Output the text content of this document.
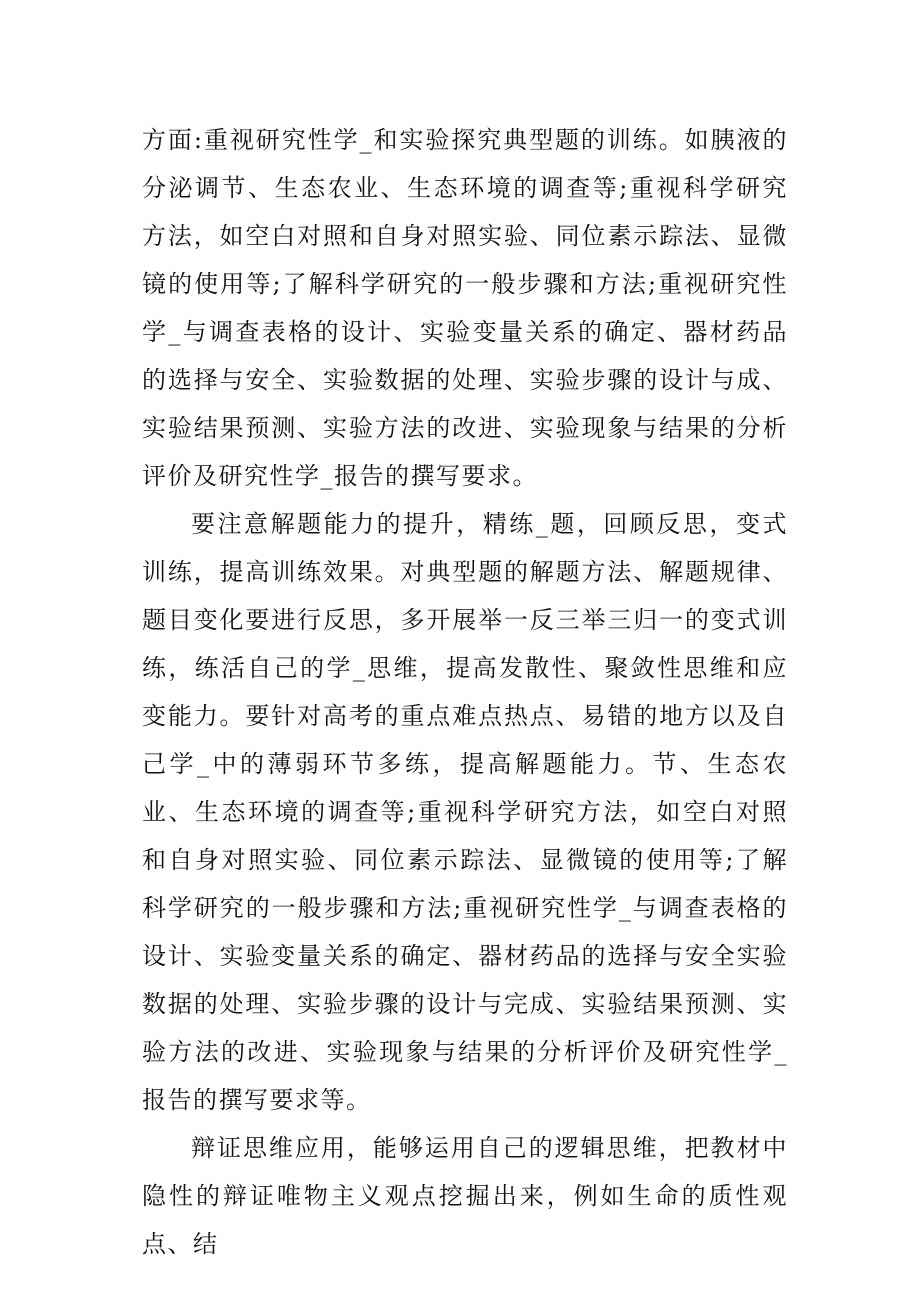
方面:重视研究性学_和实验探究典型题的训练。如胰液的分泌调节、生态农业、生态环境的调查等;重视科学研究方法，如空白对照和自身对照实验、同位素示踪法、显微镜的使用等;了解科学研究的一般步骤和方法;重视研究性学_与调查表格的设计、实验变量关系的确定、器材药品的选择与安全、实验数据的处理、实验步骤的设计与成、实验结果预测、实验方法的改进、实验现象与结果的分析评价及研究性学_报告的撰写要求。

要注意解题能力的提升，精练_题，回顾反思，变式训练，提高训练效果。对典型题的解题方法、解题规律、题目变化要进行反思，多开展举一反三举三归一的变式训练，练活自己的学_思维，提高发散性、聚敛性思维和应变能力。要针对高考的重点难点热点、易错的地方以及自己学_中的薄弱环节多练，提高解题能力。节、生态农业、生态环境的调查等;重视科学研究方法，如空白对照和自身对照实验、同位素示踪法、显微镜的使用等;了解科学研究的一般步骤和方法;重视研究性学_与调查表格的设计、实验变量关系的确定、器材药品的选择与安全实验数据的处理、实验步骤的设计与完成、实验结果预测、实验方法的改进、实验现象与结果的分析评价及研究性学_报告的撰写要求等。

辩证思维应用，能够运用自己的逻辑思维，把教材中隐性的辩证唯物主义观点挖掘出来，例如生命的质性观点、结
